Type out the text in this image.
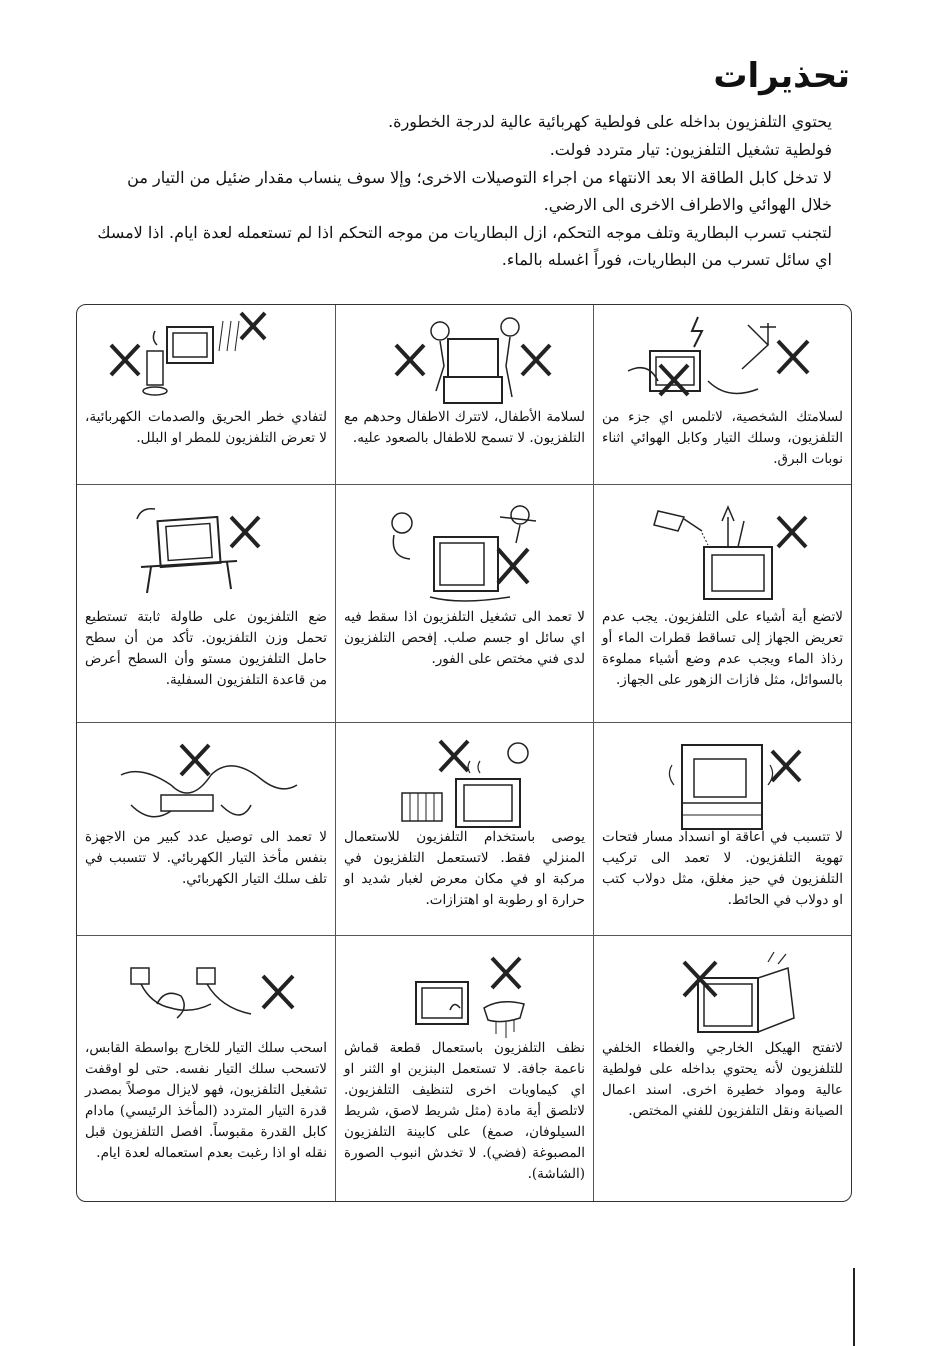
تحذيرات

يحتوي التلفزيون بداخله على فولطية كهربائية عالية لدرجة الخطورة.

فولطية تشغيل التلفزيون: تيار متردد فولت.

لا تدخل كابل الطاقة الا بعد الانتهاء من اجراء التوصيلات الاخرى؛ وإلا سوف ينساب مقدار ضئيل من التيار من خلال الهوائي والاطراف الاخرى الى الارضي.

لتجنب تسرب البطارية وتلف موجه التحكم، ازل البطاريات من موجه التحكم اذا لم تستعمله لعدة ايام. اذا لامسك اي سائل تسرب من البطاريات، فوراً اغسله بالماء.

لسلامتك الشخصية، لاتلمس اي جزء من التلفزيون، وسلك التيار وكابل الهوائي اثناء نوبات البرق.
لسلامة الأطفال، لاتترك الاطفال وحدهم مع التلفزيون. لا تسمح للاطفال بالصعود عليه.
لتفادي خطر الحريق والصدمات الكهربائية، لا تعرض التلفزيون للمطر او البلل.
لاتضع أية أشياء على التلفزيون. يجب عدم تعريض الجهاز إلى تساقط قطرات الماء أو رذاذ الماء ويجب عدم وضع أشياء مملوءة بالسوائل، مثل فازات الزهور على الجهاز.
لا تعمد الى تشغيل التلفزيون اذا سقط فيه اي سائل او جسم صلب. إفحص التلفزيون لدى فني مختص على الفور.
ضع التلفزيون على طاولة ثابتة تستطيع تحمل وزن التلفزيون. تأكد من أن سطح حامل التلفزيون مستو وأن السطح أعرض من قاعدة التلفزيون السفلية.
لا تتسبب في اعاقة او انسداد مسار فتحات تهوية التلفزيون. لا تعمد الى تركيب التلفزيون في حيز مغلق، مثل دولاب كتب او دولاب في الحائط.
يوصى باستخدام التلفزيون للاستعمال المنزلي فقط. لاتستعمل التلفزيون في مركبة او في مكان معرض لغبار شديد او حرارة او رطوبة او اهتزازات.
لا تعمد الى توصيل عدد كبير من الاجهزة بنفس مأخذ التيار الكهربائي. لا تتسبب في تلف سلك التيار الكهربائي.
لاتفتح الهيكل الخارجي والغطاء الخلفي للتلفزيون لأنه يحتوي بداخله على فولطية عالية ومواد خطيرة اخرى. اسند اعمال الصيانة ونقل التلفزيون للفني المختص.
نظف التلفزيون باستعمال قطعة قماش ناعمة جافة. لا تستعمل البنزين او الثنر او اي كيماويات اخرى لتنظيف التلفزيون. لاتلصق أية مادة (مثل شريط لاصق، شريط السيلوفان، صمغ) على كابينة التلفزيون المصبوغة (فضي). لا تخدش انبوب الصورة (الشاشة).
اسحب سلك التيار للخارج بواسطة القابس، لاتسحب سلك التيار نفسه. حتى لو اوقفت تشغيل التلفزيون، فهو لايزال موصلاً بمصدر قدرة التيار المتردد (المأخذ الرئيسي) مادام كابل القدرة مقبوساً. افصل التلفزيون قبل نقله او اذا رغبت بعدم استعماله لعدة ايام.
